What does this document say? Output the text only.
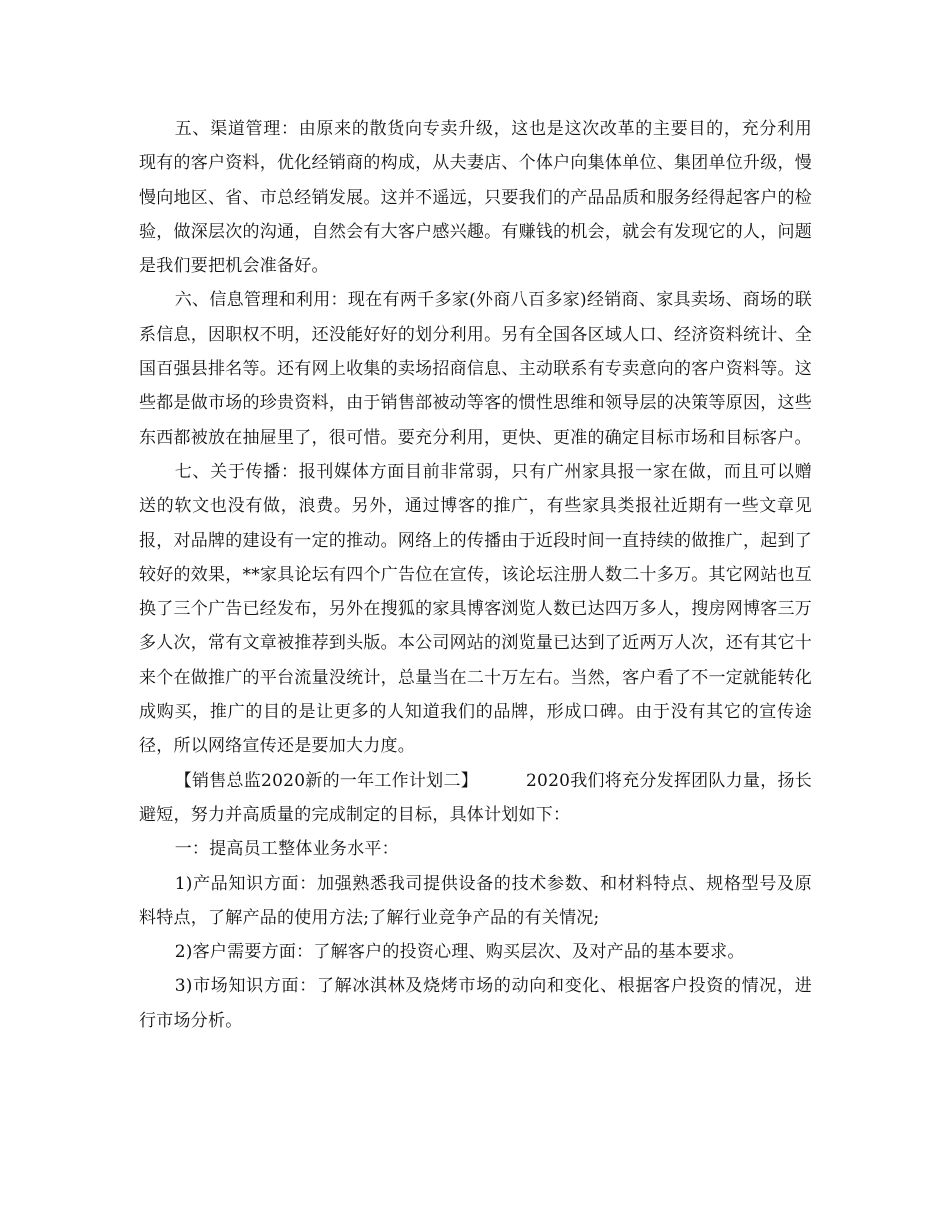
五、渠道管理：由原来的散货向专卖升级，这也是这次改革的主要目的，充分利用现有的客户资料，优化经销商的构成，从夫妻店、个体户向集体单位、集团单位升级，慢慢向地区、省、市总经销发展。这并不遥远，只要我们的产品品质和服务经得起客户的检验，做深层次的沟通，自然会有大客户感兴趣。有赚钱的机会，就会有发现它的人，问题是我们要把机会准备好。

六、信息管理和利用：现在有两千多家(外商八百多家)经销商、家具卖场、商场的联系信息，因职权不明，还没能好好的划分利用。另有全国各区域人口、经济资料统计、全国百强县排名等。还有网上收集的卖场招商信息、主动联系有专卖意向的客户资料等。这些都是做市场的珍贵资料，由于销售部被动等客的惯性思维和领导层的决策等原因，这些东西都被放在抽屉里了，很可惜。要充分利用，更快、更准的确定目标市场和目标客户。

七、关于传播：报刊媒体方面目前非常弱，只有广州家具报一家在做，而且可以赠送的软文也没有做，浪费。另外，通过博客的推广，有些家具类报社近期有一些文章见报，对品牌的建设有一定的推动。网络上的传播由于近段时间一直持续的做推广，起到了较好的效果，**家具论坛有四个广告位在宣传，该论坛注册人数二十多万。其它网站也互换了三个广告已经发布，另外在搜狐的家具博客浏览人数已达四万多人，搜房网博客三万多人次，常有文章被推荐到头版。本公司网站的浏览量已达到了近两万人次，还有其它十来个在做推广的平台流量没统计，总量当在二十万左右。当然，客户看了不一定就能转化成购买，推广的目的是让更多的人知道我们的品牌，形成口碑。由于没有其它的宣传途径，所以网络宣传还是要加大力度。

【销售总监2020新的一年工作计划二】	2020我们将充分发挥团队力量，扬长避短，努力并高质量的完成制定的目标，具体计划如下：

一：提高员工整体业务水平：

1)产品知识方面：加强熟悉我司提供设备的技术参数、和材料特点、规格型号及原料特点，了解产品的使用方法;了解行业竞争产品的有关情况;

2)客户需要方面：了解客户的投资心理、购买层次、及对产品的基本要求。

3)市场知识方面：了解冰淇林及烧烤市场的动向和变化、根据客户投资的情况，进行市场分析。
